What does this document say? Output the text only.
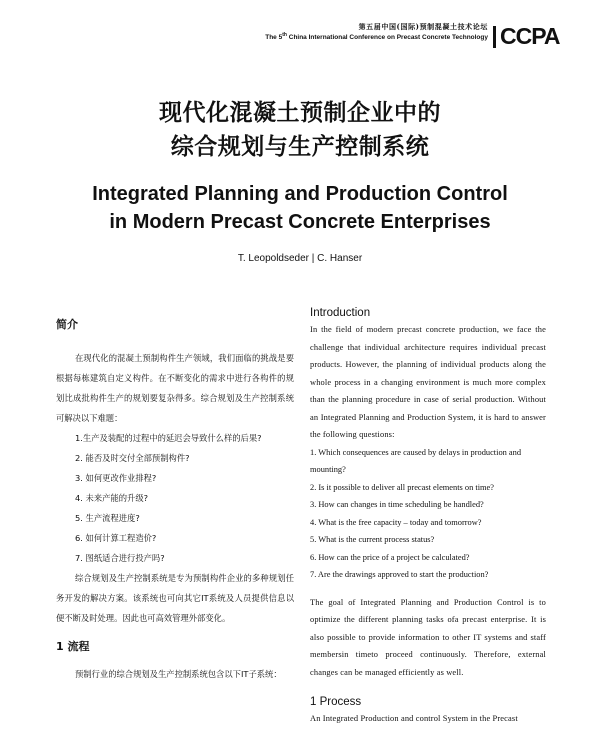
第五届中国(国际)预制混凝土技术论坛
The 5th China International Conference on Precast Concrete Technology CCPA
现代化混凝土预制企业中的
综合规划与生产控制系统
Integrated Planning and Production Control
in Modern Precast Concrete Enterprises
T. Leopoldseder | C. Hanser
简介
在现代化的混凝土预制构件生产领域，我们面临的挑战是要根据每栋建筑自定义构件。在不断变化的需求中进行各构件的规划比成批构件生产的规划要复杂得多。综合规划及生产控制系统可解决以下难题：
1.生产及装配的过程中的延迟会导致什么样的后果?
2. 能否及时交付全部预制构件?
3. 如何更改作业排程?
4. 未来产能的升级?
5. 生产流程进度?
6. 如何计算工程造价?
7. 图纸适合进行投产吗?
综合规划及生产控制系统是专为预制构件企业的多种规划任务开发的解决方案。该系统也可向其它IT系统及人员提供信息以便不断及时处理。因此也可高效管理外部变化。
1 流程
预制行业的综合规划及生产控制系统包含以下IT子系统：
Introduction
In the field of modern precast concrete production, we face the challenge that individual architecture requires individual precast products. However, the planning of individual products along the whole process in a changing environment is much more complex than the planning procedure in case of serial production. Without an Integrated Planning and Production System, it is hard to answer the following questions:
1. Which consequences are caused by delays in production and mounting?
2. Is it possible to deliver all precast elements on time?
3. How can changes in time scheduling be handled?
4. What is the free capacity – today and tomorrow?
5. What is the current process status?
6. How can the price of a project be calculated?
7. Are the drawings approved to start the production?
The goal of Integrated Planning and Production Control is to optimize the different planning tasks ofa precast enterprise. It is also possible to provide information to other IT systems and staff membersin timeto proceed continuously. Therefore, external changes can be managed efficiently as well.
1 Process
An Integrated Production and control System in the Precast
